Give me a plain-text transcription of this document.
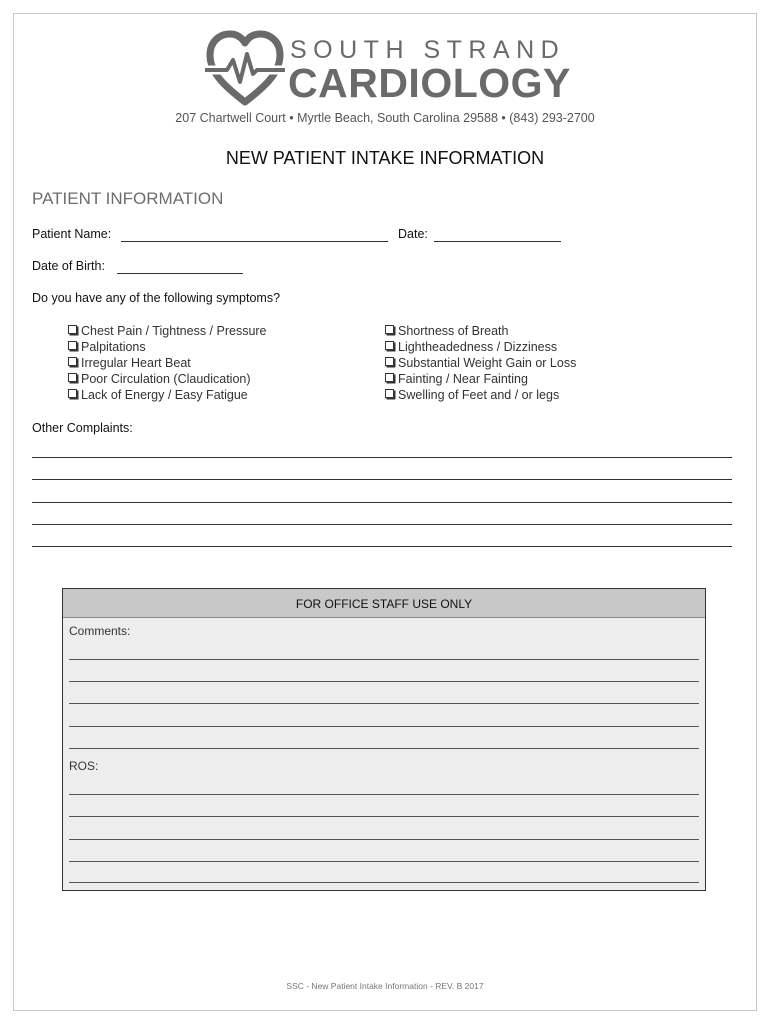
SOUTH STRAND
CARDIOLOGY
207 Chartwell Court • Myrtle Beach, South Carolina 29588 • (843) 293-2700
NEW PATIENT INTAKE INFORMATION
PATIENT INFORMATION
Patient Name:	Date:
Date of Birth:
Do you have any of the following symptoms?
Chest Pain / Tightness / Pressure
Palpitations
Irregular Heart Beat
Poor Circulation (Claudication)
Lack of Energy / Easy Fatigue
Shortness of Breath
Lightheadedness / Dizziness
Substantial Weight Gain or Loss
Fainting / Near Fainting
Swelling of Feet and / or legs
Other Complaints:
FOR OFFICE STAFF USE ONLY
Comments:
ROS:
SSC - New Patient Intake Information - REV. B 2017
